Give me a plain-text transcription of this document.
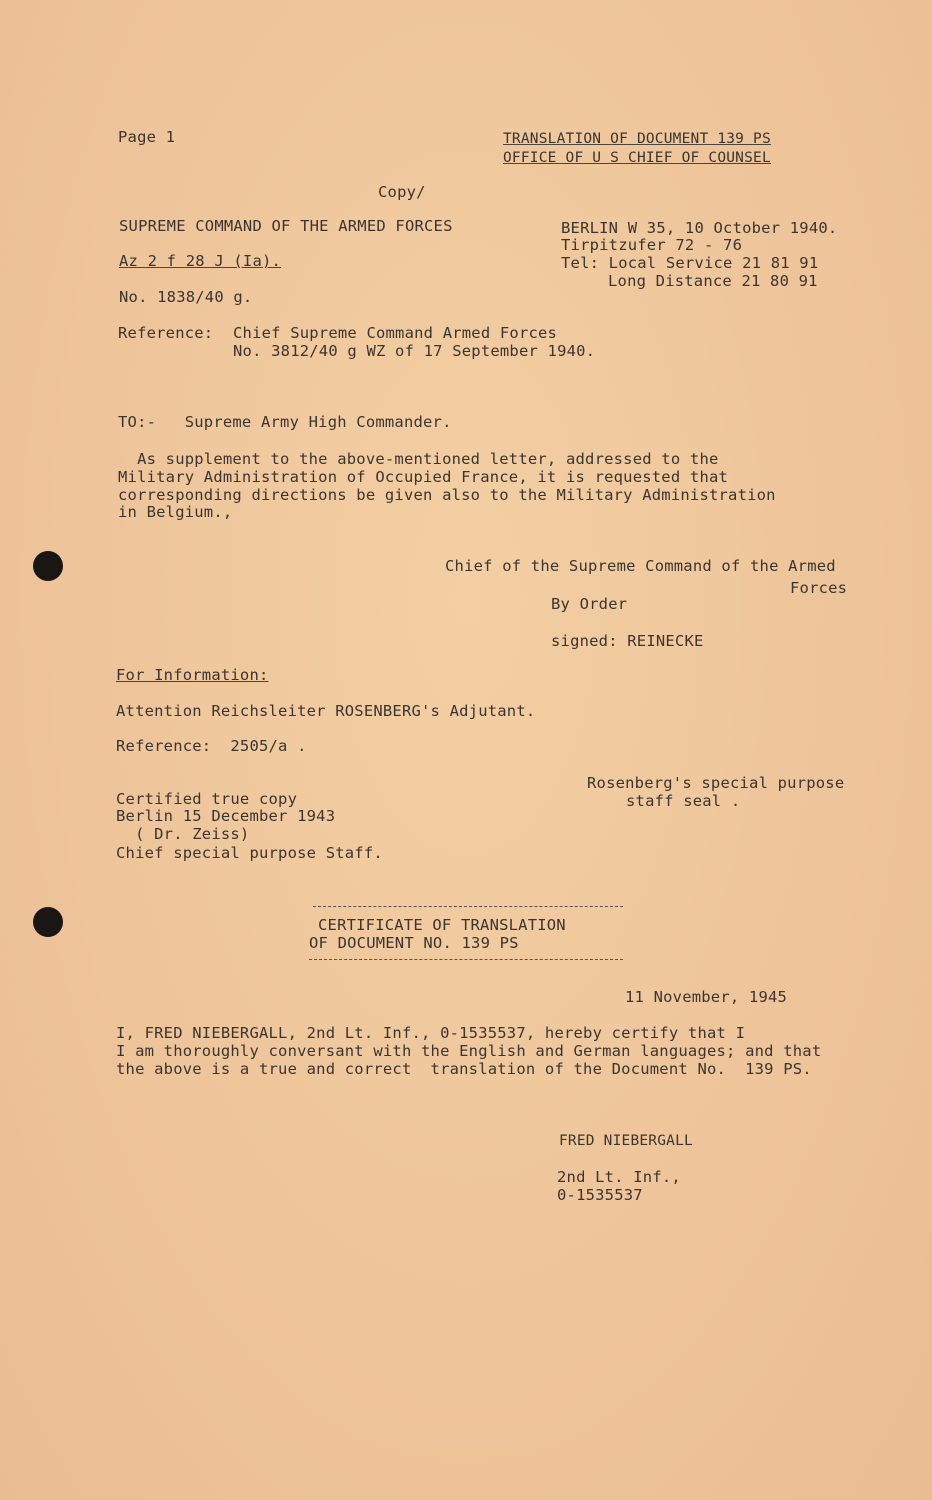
Page 1	TRANSLATION OF DOCUMENT 139 PS
OFFICE OF U S CHIEF OF COUNSEL
Copy/
SUPREME COMMAND OF THE ARMED FORCES
Az 2 f 28 J (Ia).
No. 1838/40 g.
BERLIN W 35, 10 October 1940.
Tirpitzufer 72 - 76
Tel: Local Service 21 81 91
Long Distance 21 80 91
Reference: Chief Supreme Command Armed Forces
No. 3812/40 g WZ of 17 September 1940.
TO:-   Supreme Army High Commander.
As supplement to the above-mentioned letter, addressed to the
Military Administration of Occupied France, it is requested that
corresponding directions be given also to the Military Administration
in Belgium.,
Chief of the Supreme Command of the Armed
Forces
By Order
signed: REINECKE
For Information:
Attention Reichsleiter ROSENBERG's Adjutant.
Reference:  2505/a .
Rosenberg's special purpose
staff seal .
Certified true copy
Berlin 15 December 1943
( Dr. Zeiss)
Chief special purpose Staff.
CERTIFICATE OF TRANSLATION
OF DOCUMENT NO. 139 PS
11 November, 1945
I, FRED NIEBERGALL, 2nd Lt. Inf., 0-1535537, hereby certify that I
I am thoroughly conversant with the English and German languages; and that
the above is a true and correct  translation of the Document No.  139 PS.
FRED NIEBERGALL
2nd Lt. Inf.,
0-1535537
